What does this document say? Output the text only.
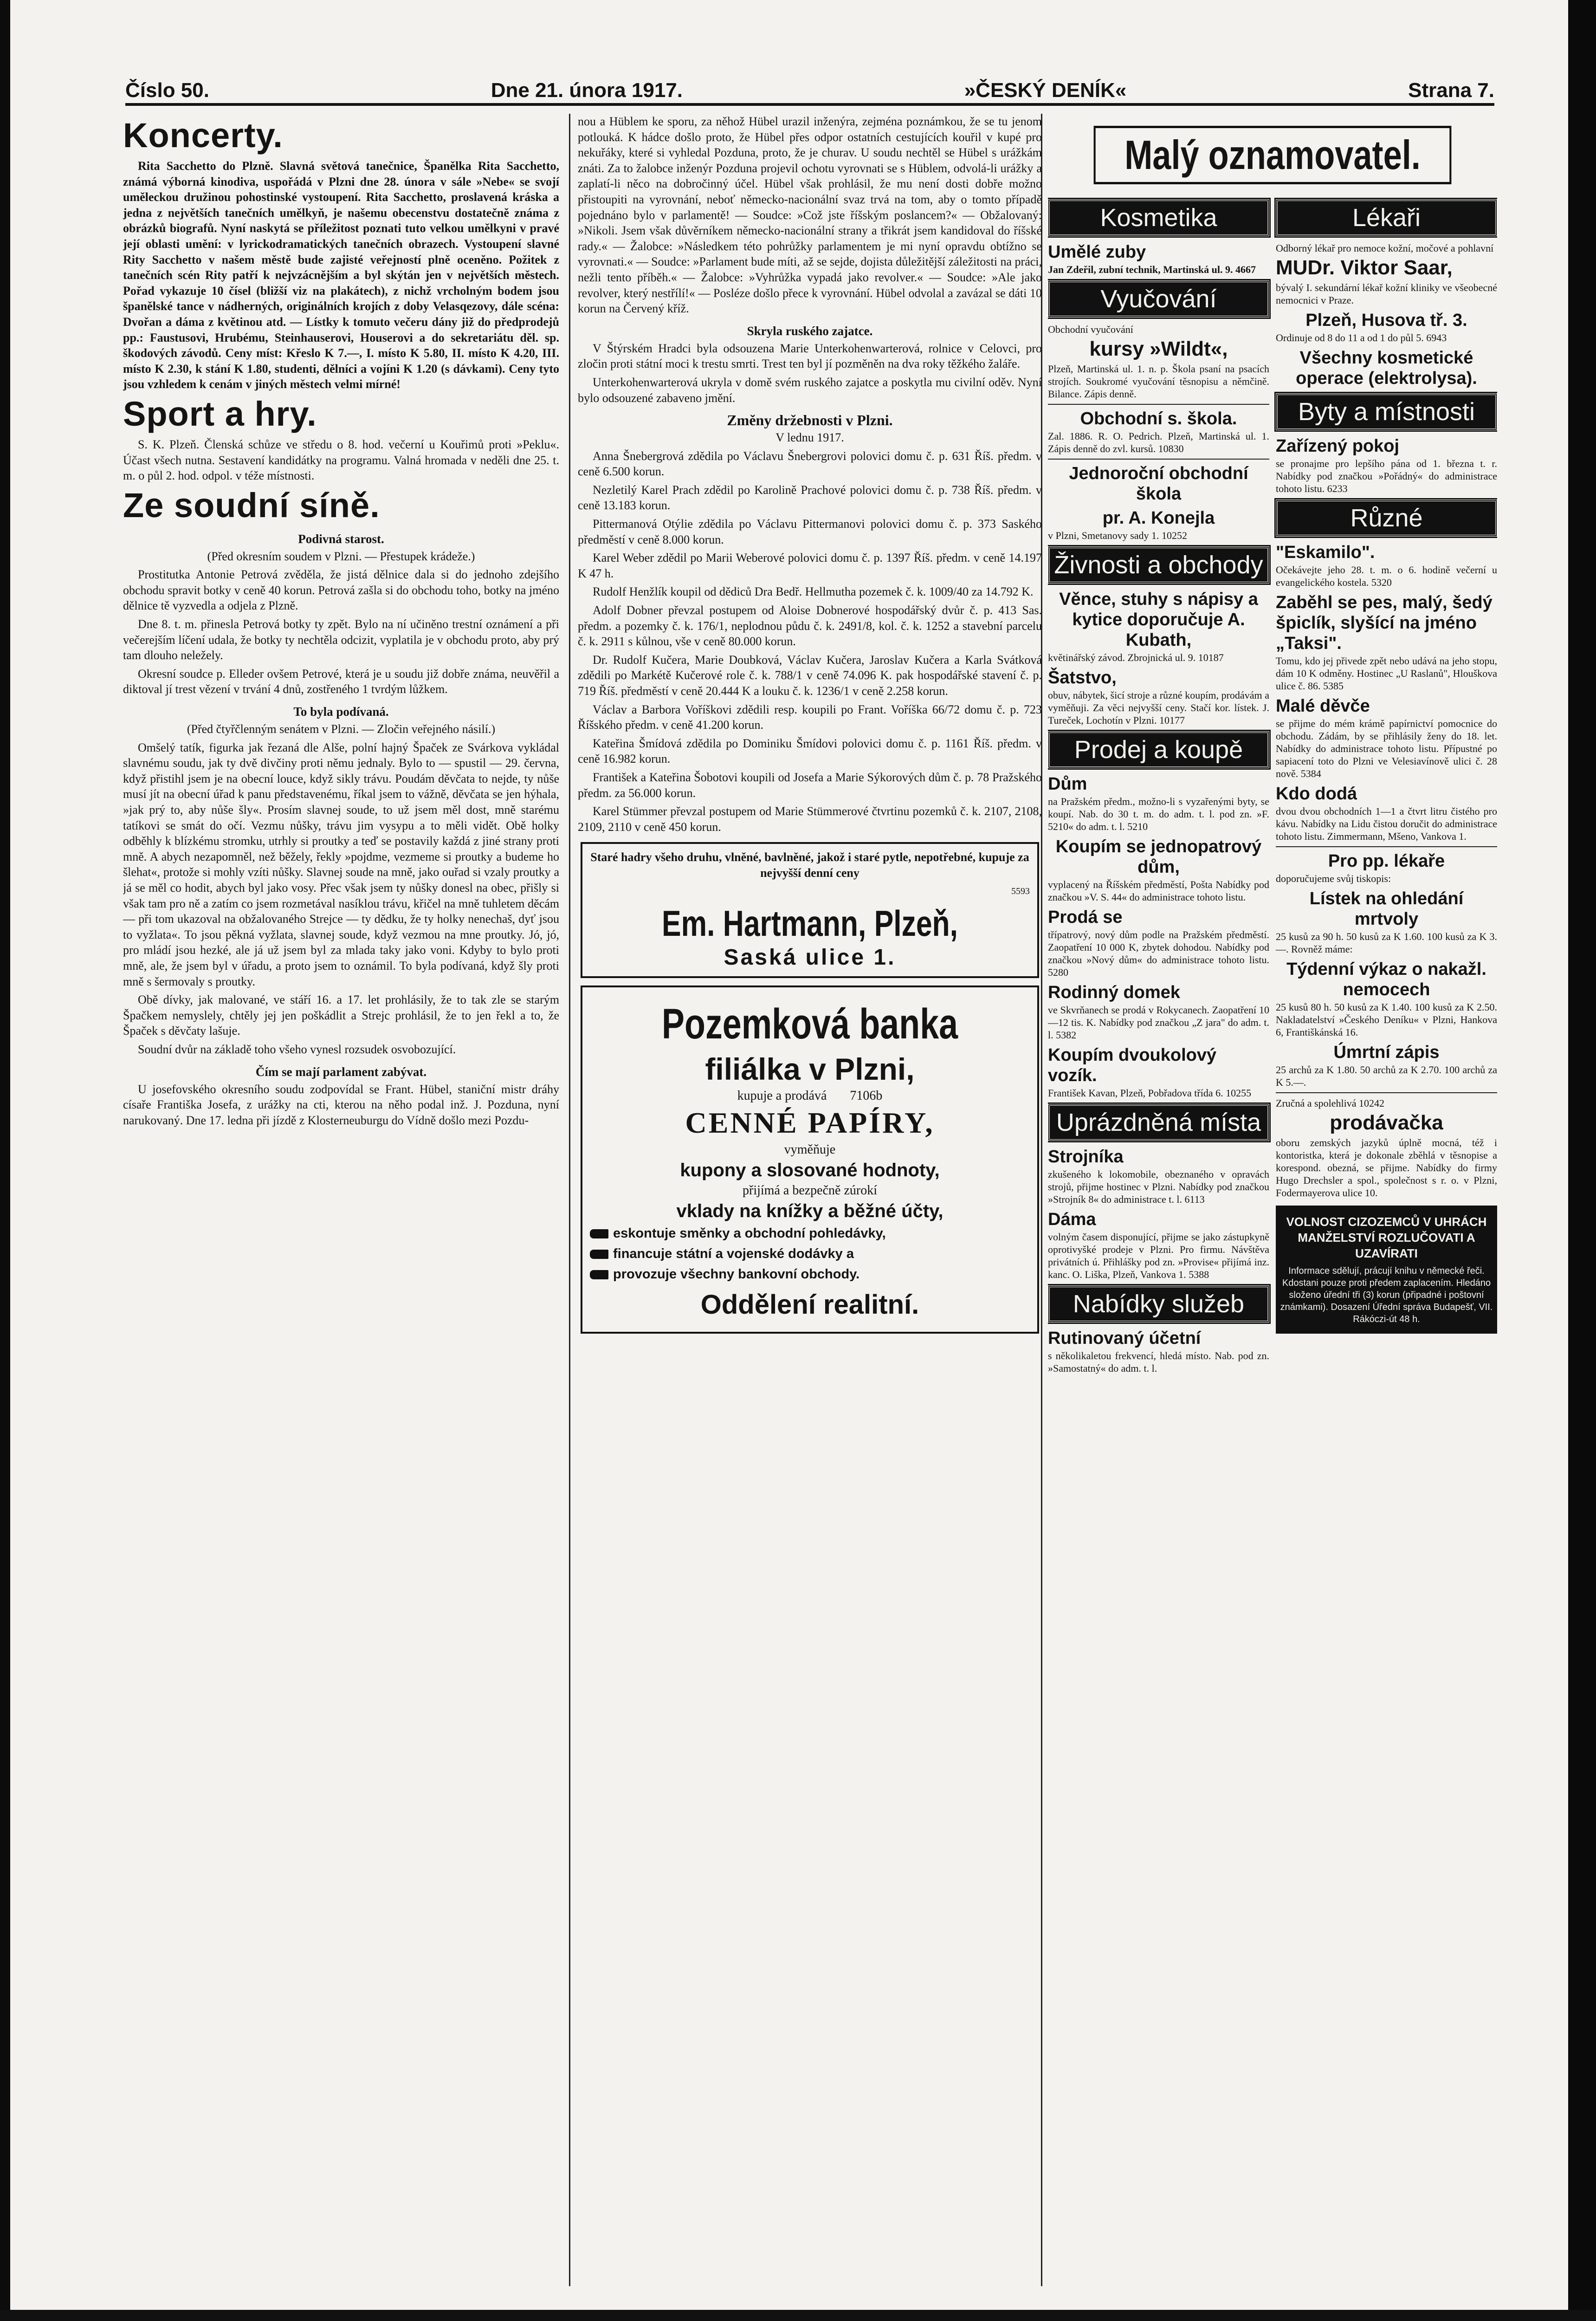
Číslo 50.	Dne 21. února 1917.	»ČESKÝ DENÍK«	Strana 7.
Koncerty.

Rita Sacchetto do Plzně. Slavná světová tanečnice, Španělka Rita Sacchetto, známá výborná kinodiva, uspořádá v Plzni dne 28. února v sále »Nebe« se svojí uměleckou družinou pohostinské vystoupení. Rita Sacchetto, proslavená kráska a jedna z největších tanečních umělkyň, je našemu obecenstvu dostatečně známa z obrázků biografů. Nyní naskytá se příležitost poznati tuto velkou umělkyni v pravé její oblasti umění: v lyrickodramatických tanečních obrazech. Vystoupení slavné Rity Sacchetto v našem městě bude zajisté veřejností plně oceněno. Požitek z tanečních scén Rity patří k nejvzácnějším a byl skýtán jen v největších městech. Pořad vykazuje 10 čísel (bližší viz na plakátech), z nichž vrcholným bodem jsou španělské tance v nádherných, originálních krojích z doby Velasqezovy, dále scéna: Dvořan a dáma z květinou atd. — Lístky k tomuto večeru dány již do předprodejů pp.: Faustusovi, Hrubému, Steinhauserovi, Houserovi a do sekretariátu děl. sp. škodových závodů. Ceny míst: Křeslo K 7.—, I. místo K 5.80, II. místo K 4.20, III. místo K 2.30, k stání K 1.80, studenti, dělníci a vojíni K 1.20 (s dávkami). Ceny tyto jsou vzhledem k cenám v jiných městech velmi mírné!

Sport a hry.

S. K. Plzeň. Členská schůze ve středu o 8. hod. večerní u Kouřimů proti »Peklu«. Účast všech nutna. Sestavení kandidátky na programu. Valná hromada v neděli dne 25. t. m. o půl 2. hod. odpol. v téže místnosti.

Ze soudní síně.
Podivná starost.

(Před okresním soudem v Plzni. — Přestupek krádeže.)

Prostitutka Antonie Petrová zvěděla, že jistá dělnice dala si do jednoho zdejšího obchodu spravit botky v ceně 40 korun. Petrová zašla si do obchodu toho, botky na jméno dělnice tě vyzvedla a odjela z Plzně.

Dne 8. t. m. přinesla Petrová botky ty zpět. Bylo na ní učiněno trestní oznámení a při večerejším líčení udala, že botky ty nechtěla odcizit, vyplatila je v obchodu proto, aby prý tam dlouho neležely.

Okresní soudce p. Elleder ovšem Petrové, která je u soudu již dobře známa, neuvěřil a diktoval jí trest vězení v trvání 4 dnů, zostřeného 1 tvrdým lůžkem.

To byla podívaná.

(Před čtyřčlenným senátem v Plzni. — Zločin veřejného násilí.)

Omšelý tatík, figurka jak řezaná dle Alše, polní hajný Špaček ze Svárkova vykládal slavnému soudu, jak ty dvě divčiny proti němu jednaly. Bylo to — spustil — 29. června, když přistihl jsem je na obecní louce, když sikly trávu. Poudám děvčata to nejde, ty nůše musí jít na obecní úřad k panu představenému, říkal jsem to vážně, děvčata se jen hýhala, »jak prý to, aby nůše šly«. Prosím slavnej soude, to už jsem měl dost, mně starému tatíkovi se smát do očí. Vezmu nůšky, trávu jim vysypu a to měli vidět. Obě holky odběhly k blízkému stromku, utrhly si proutky a teď se postavily každá z jiné strany proti mně. A abych nezapomněl, než běžely, řekly »pojdme, vezmeme si proutky a budeme ho šlehat«, protože si mohly vzíti nůšky. Slavnej soude na mně, jako ouřad si vzaly proutky a já se měl co hodit, abych byl jako vosy. Přec však jsem ty nůšky donesl na obec, přišly si však tam pro ně a zatím co jsem rozmetával nasíklou trávu, křičel na mně tuhletem děcám — při tom ukazoval na obžalovaného Strejce — ty dědku, že ty holky nenechaš, dyť jsou to vyžlata«. To jsou pěkná vyžlata, slavnej soude, když vezmou na mne proutky. Jó, jó, pro mládí jsou hezké, ale já už jsem byl za mlada taky jako voni. Kdyby to bylo proti mně, ale, že jsem byl v úřadu, a proto jsem to oznámil. To byla podívaná, když šly proti mně s šermovaly s proutky.

Obě dívky, jak malované, ve stáří 16. a 17. let prohlásily, že to tak zle se starým Špačkem nemyslely, chtěly jej jen poškádlit a Strejc prohlásil, že to jen řekl a to, že Špaček s děvčaty lašuje.

Soudní dvůr na základě toho všeho vynesl rozsudek osvobozující.

Čím se mají parlament zabývat.

U josefovského okresního soudu zodpovídal se Frant. Hübel, staniční mistr dráhy císaře Františka Josefa, z urážky na cti, kterou na něho podal inž. J. Pozduna, nyní narukovaný. Dne 17. ledna při jízdě z Klosterneuburgu do Vídně došlo mezi Pozdu-

nou a Hüblem ke sporu, za něhož Hübel urazil inženýra, zejména poznámkou, že se tu jenom potlouká. K hádce došlo proto, že Hübel přes odpor ostatních cestujících kouřil v kupé pro nekuřáky, které si vyhledal Pozduna, proto, že je churav. U soudu nechtěl se Hübel s urážkám znáti. Za to žalobce inženýr Pozduna projevil ochotu vyrovnati se s Hüblem, odvolá-li urážky a zaplatí-li něco na dobročinný účel. Hübel však prohlásil, že mu není dosti dobře možno přistoupiti na vyrovnání, neboť německo-nacionální svaz trvá na tom, aby o tomto případě pojednáno bylo v parlamentě! — Soudce: »Což jste říšským poslancem?« — Obžalovaný: »Nikoli. Jsem však důvěrníkem německo-nacionální strany a třikrát jsem kandidoval do říšské rady.« — Žalobce: »Následkem této pohrůžky parlamentem je mi nyní opravdu obtížno se vyrovnati.« — Soudce: »Parlament bude míti, až se sejde, dojista důležitější záležitosti na práci, nežli tento příběh.« — Žalobce: »Vyhrůžka vypadá jako revolver.« — Soudce: »Ale jako revolver, který nestřílí!« — Posléze došlo přece k vyrovnání. Hübel odvolal a zavázal se dáti 10 korun na Červený kříž.

Skryla ruského zajatce.

V Štýrském Hradci byla odsouzena Marie Unterkohenwarterová, rolnice v Celovci, pro zločin proti státní moci k trestu smrti. Trest ten byl jí pozměněn na dva roky těžkého žaláře.

Unterkohenwarterová ukryla v domě svém ruského zajatce a poskytla mu civilní oděv. Nyní bylo odsouzené zabaveno jmění.

Změny držebnosti v Plzni.

V lednu 1917.

Anna Šnebergrová zdědila po Václavu Šnebergrovi polovici domu č. p. 631 Říš. předm. v ceně 6.500 korun.

Nezletilý Karel Prach zdědil po Karolině Prachové polovici domu č. p. 738 Říš. předm. v ceně 13.183 korun.

Pittermanová Otýlie zdědila po Václavu Pittermanovi polovici domu č. p. 373 Saského předměstí v ceně 8.000 korun.

Karel Weber zdědil po Marii Weberové polovici domu č. p. 1397 Říš. předm. v ceně 14.197 K 47 h.

Rudolf Henžlík koupil od dědiců Dra Bedř. Hellmutha pozemek č. k. 1009/40 za 14.792 K.

Adolf Dobner převzal postupem od Aloise Dobnerové hospodářský dvůr č. p. 413 Sas. předm. a pozemky č. k. 176/1, neplodnou půdu č. k. 2491/8, kol. č. k. 1252 a stavební parcelu č. k. 2911 s kůlnou, vše v ceně 80.000 korun.

Dr. Rudolf Kučera, Marie Doubková, Václav Kučera, Jaroslav Kučera a Karla Svátková zdědili po Markétě Kučerové role č. k. 788/1 v ceně 74.096 K. pak hospodářské stavení č. p. 719 Říš. předměstí v ceně 20.444 K a louku č. k. 1236/1 v ceně 2.258 korun.

Václav a Barbora Voříškovi zdědili resp. koupili po Frant. Voříška 66/72 domu č. p. 723 Říšského předm. v ceně 41.200 korun.

Kateřina Šmídová zdědila po Dominiku Šmídovi polovici domu č. p. 1161 Říš. předm. v ceně 16.982 korun.

František a Kateřina Šobotovi koupili od Josefa a Marie Sýkorových dům č. p. 78 Pražského předm. za 56.000 korun.

Karel Stümmer převzal postupem od Marie Stümmerové čtvrtinu pozemků č. k. 2107, 2108, 2109, 2110 v ceně 450 korun.

Staré hadry všeho druhu, vlněné, bavlněné, jakož i staré pytle, nepotřebné, kupuje za nejvyšší denní ceny

5593

Em. Hartmann, Plzeň,
Saská ulice 1.
Pozemková banka
filiálka v Plzni,
kupuje a prodává 7106b
CENNÉ PAPÍRY,
vyměňuje
kupony a slosované hodnoty,
přijímá a bezpečně zúrokí
vklady na knížky a běžné účty,
eskontuje směnky a obchodní pohledávky,
financuje státní a vojenské dodávky a
provozuje všechny bankovní obchody.
Oddělení realitní.
Malý oznamovatel.
Kosmetika
Umělé zuby

Jan Zdeřil, zubní technik, Martinská ul. 9. 4667

Vyučování

Obchodní vyučování

kursy »Wildt«,

Plzeň, Martinská ul. 1. n. p. Škola psaní na psacích strojích. Soukromé vyučování těsnopisu a němčině. Bilance. Zápis denně.

Obchodní s. škola.

Zal. 1886. R. O. Pedrich. Plzeň, Martinská ul. 1. Zápis denně do zvl. kursů. 10830

Jednoroční obchodní škola
pr. A. Konejla

v Plzni, Smetanovy sady 1. 10252

Živnosti a obchody
Věnce, stuhy s nápisy a kytice doporučuje A. Kubath,

květinářský závod. Zbrojnická ul. 9. 10187

Šatstvo,

obuv, nábytek, šicí stroje a různé koupím, prodávám a vyměňuji. Za věci nejvyšší ceny. Stačí kor. lístek. J. Tureček, Lochotín v Plzni. 10177

Prodej a koupě
Dům

na Pražském předm., možno-li s vyzařenými byty, se koupí. Nab. do 30 t. m. do adm. t. l. pod zn. »F. 5210« do adm. t. l. 5210

Koupím se jednopatrový dům,

vyplacený na Říšském předměstí, Pošta Nabídky pod značkou »V. S. 44« do administrace tohoto listu.

Prodá se

třípatrový, nový dům podle na Pražském předměstí. Zaopatření 10 000 K, zbytek dohodou. Nabídky pod značkou »Nový dům« do administrace tohoto listu. 5280

Rodinný domek

ve Skvrňanech se prodá v Rokycanech. Zaopatření 10—12 tis. K. Nabídky pod značkou „Z jara" do adm. t. l. 5382

Koupím dvoukolový vozík.

František Kavan, Plzeň, Pobřadova třída 6. 10255

Uprázdněná místa
Strojníka

zkušeného k lokomobile, obeznaného v opravách strojů, přijme hostinec v Plzni. Nabídky pod značkou »Strojník 8« do administrace t. l. 6113

Dáma

volným časem disponující, přijme se jako zástupkyně oprotivyšké prodeje v Plzni. Pro firmu. Návštěva privátních ú. Přihlášky pod zn. »Provise« přijímá inz. kanc. O. Liška, Plzeň, Vankova 1. 5388

Nabídky služeb
Rutinovaný účetní

s několikaletou frekvencí, hledá místo. Nab. pod zn. »Samostatný« do adm. t. l.

Lékaři

Odborný lékař pro nemoce kožní, močové a pohlavní

MUDr. Viktor Saar,

bývalý I. sekundární lékař kožní kliniky ve všeobecné nemocnici v Praze.

Plzeň, Husova tř. 3.

Ordinuje od 8 do 11 a od 1 do půl 5. 6943

Všechny kosmetické operace (elektrolysa).
Byty a místnosti
Zařízený pokoj

se pronajme pro lepšího pána od 1. března t. r. Nabídky pod značkou »Pořádný« do administrace tohoto listu. 6233

Různé
"Eskamilo".

Očekávejte jeho 28. t. m. o 6. hodině večerní u evangelického kostela. 5320

Zaběhl se pes, malý, šedý špiclík, slyšící na jméno „Taksi".

Tomu, kdo jej přivede zpět nebo udává na jeho stopu, dám 10 K odměny. Hostinec „U Raslanů", Hlouškova ulice č. 86. 5385

Malé děvče

se přijme do mém krámě papírnictví pomocnice do obchodu. Zádám, by se přihlásily ženy do 18. let. Nabídky do administrace tohoto listu. Přípustné po sapiacení toto do Plzni ve Velesiavínově ulici č. 28 nově. 5384

Kdo dodá

dvou dvou obchodních 1—1 a čtvrt litru čistého pro kávu. Nabídky na Lidu čistou doručit do administrace tohoto listu. Zimmermann, Mšeno, Vankova 1.

Pro pp. lékaře

doporučujeme svůj tiskopis:

Lístek na ohledání mrtvoly

25 kusů za 90 h. 50 kusů za K 1.60. 100 kusů za K 3.—. Rovněž máme:

Týdenní výkaz o nakažl. nemocech

25 kusů 80 h. 50 kusů za K 1.40. 100 kusů za K 2.50. Nakladatelství »Českého Deníku« v Plzni, Hankova 6, Františkánská 16.

Úmrtní zápis

25 archů za K 1.80. 50 archů za K 2.70. 100 archů za K 5.—.

Zručná a spolehlivá 10242

prodávačka

oboru zemských jazyků úplně mocná, též i kontoristka, která je dokonale zběhlá v těsnopise a korespond. obezná, se přijme. Nabídky do firmy Hugo Drechsler a spol., společnost s r. o. v Plzni, Fodermayerova ulice 10.

VOLNOST CIZOZEMCŮ V UHRÁCH MANŽELSTVÍ ROZLUČOVATI A UZAVÍRATI
Informace sdělují, prácují knihu v německé řeči. Kdostani pouze proti předem zaplacením. Hledáno složeno úřední tři (3) korun (připadné i poštovní známkami). Dosazení Úřední správa Budapešť, VII. Rákóczi-út 48 h.
